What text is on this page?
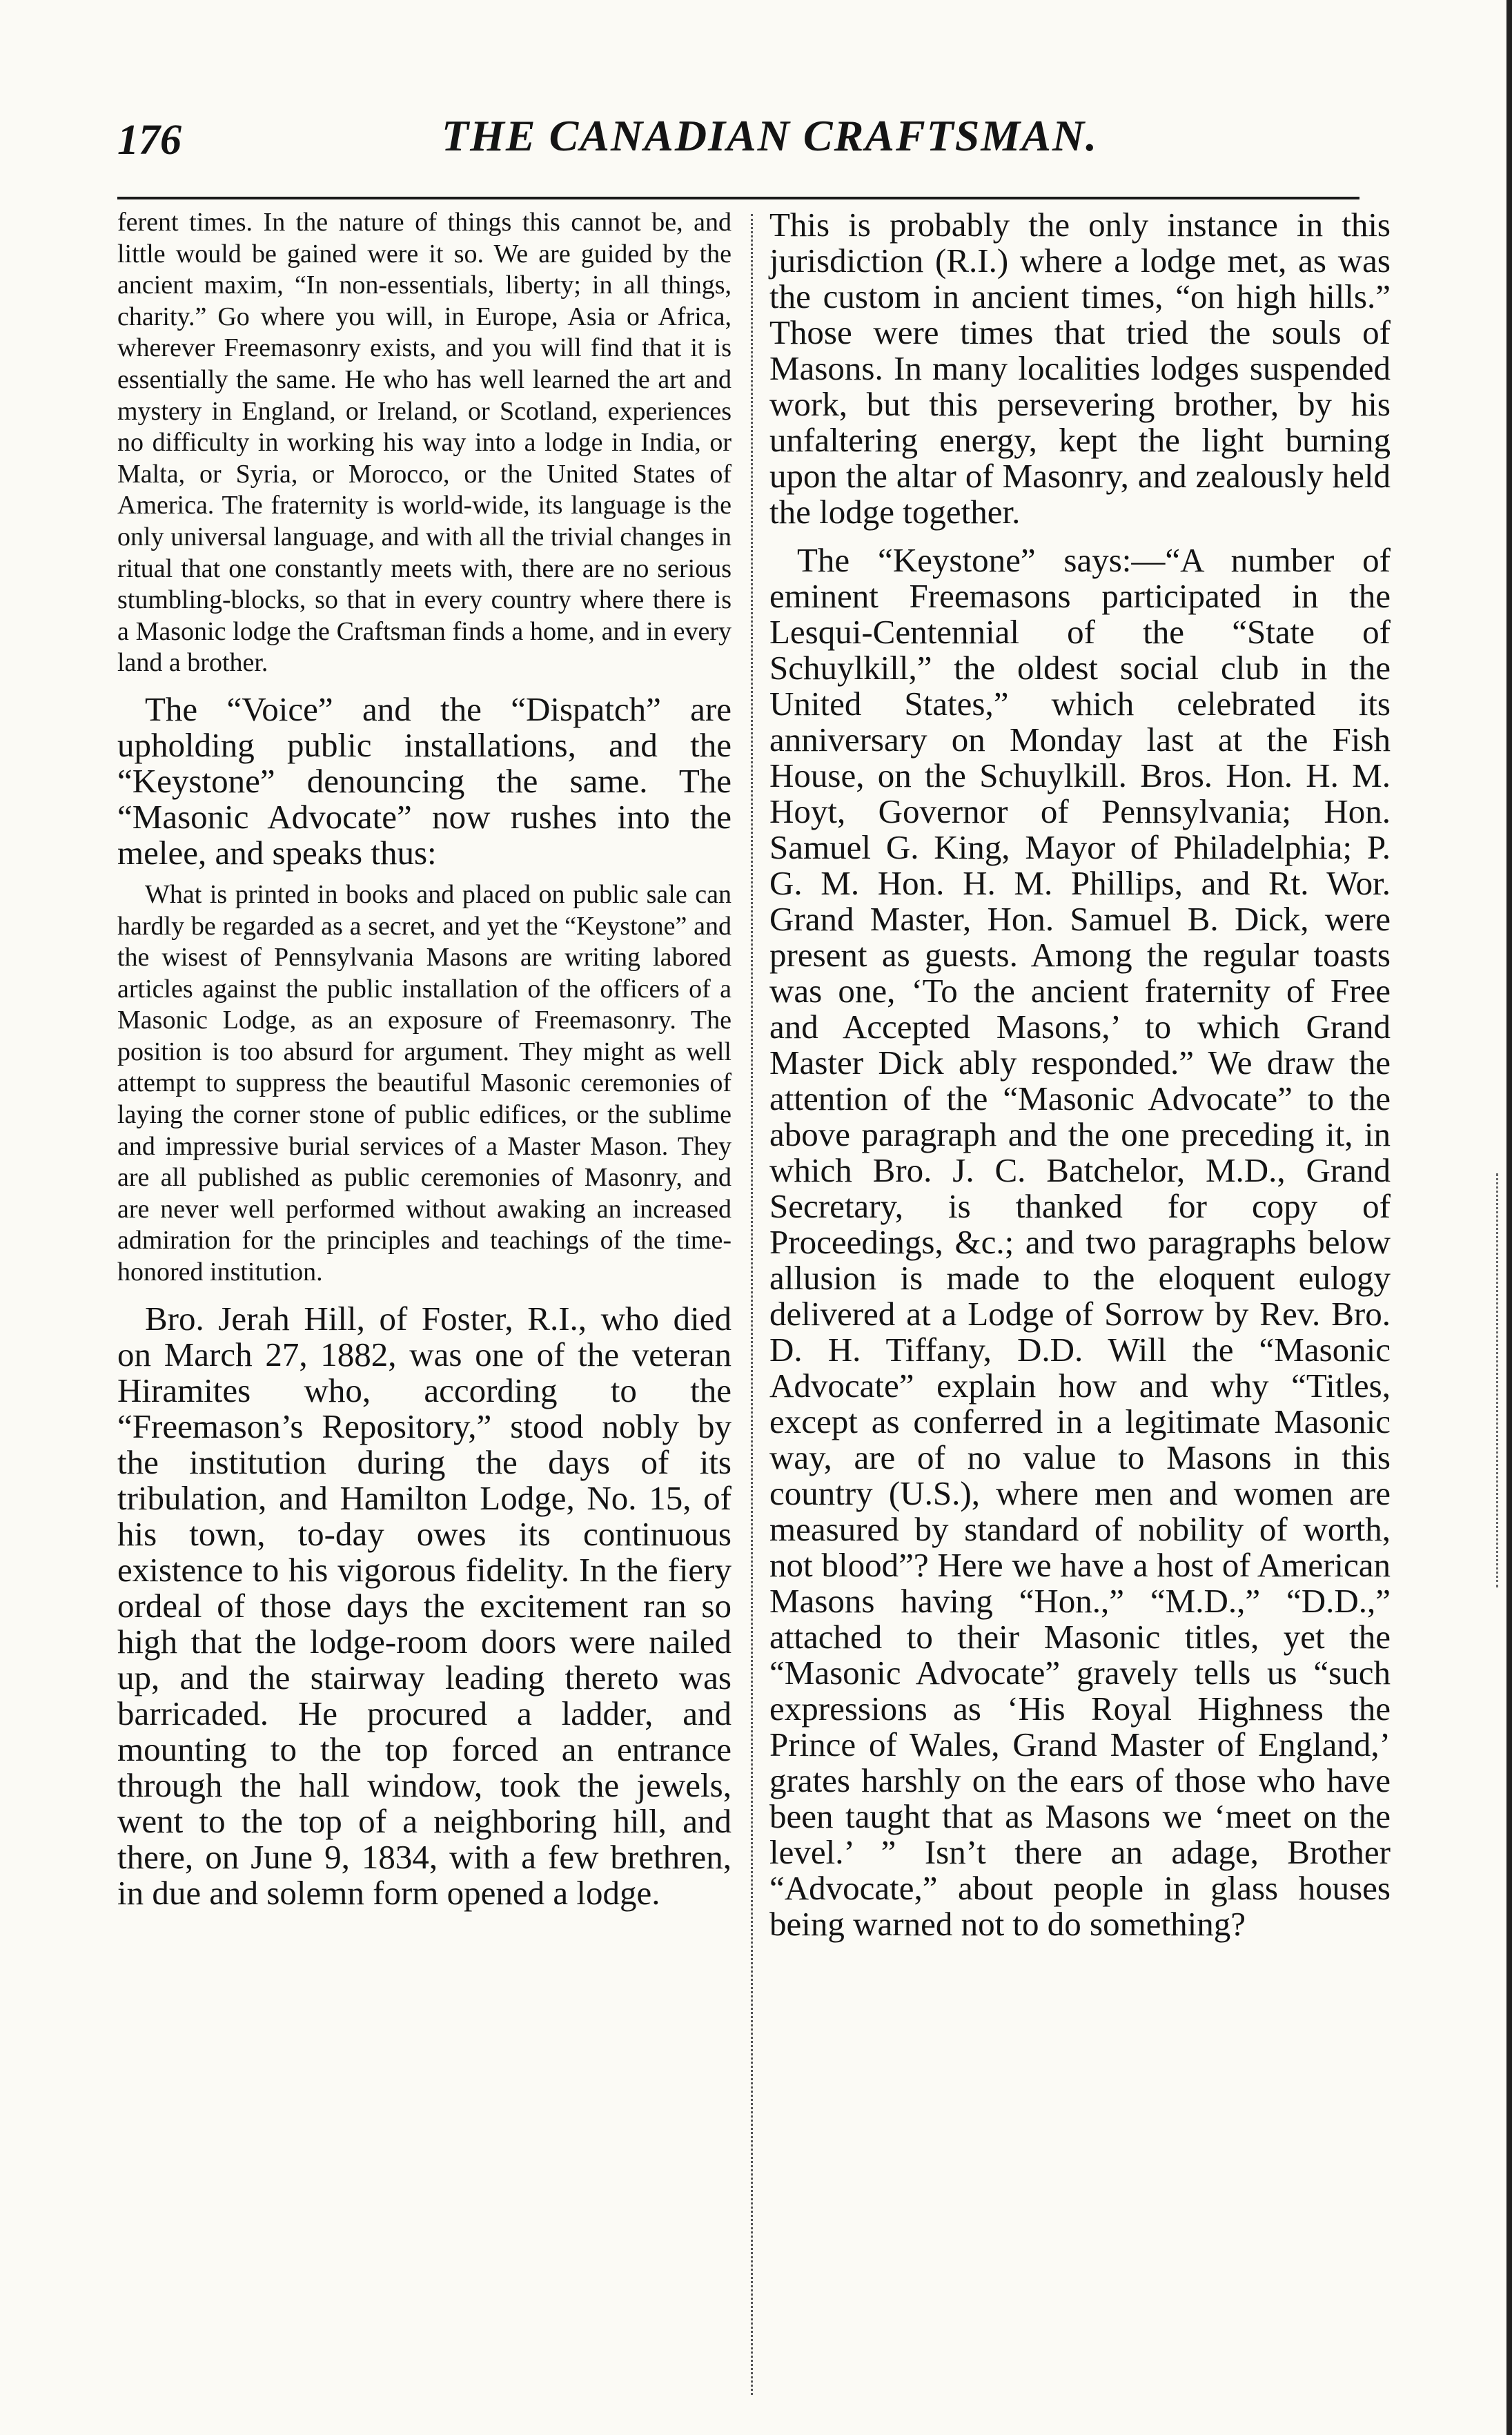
176	THE CANADIAN CRAFTSMAN.

ferent times. In the nature of things this cannot be, and little would be gained were it so. We are guided by the ancient maxim, “In non-essentials, liberty; in all things, charity.” Go where you will, in Europe, Asia or Africa, wherever Freemasonry exists, and you will find that it is essentially the same. He who has well learned the art and mystery in England, or Ireland, or Scotland, experiences no difficulty in working his way into a lodge in India, or Malta, or Syria, or Morocco, or the United States of America. The fraternity is world-wide, its language is the only universal language, and with all the trivial changes in ritual that one constantly meets with, there are no serious stumbling-blocks, so that in every country where there is a Masonic lodge the Craftsman finds a home, and in every land a brother.

The “Voice” and the “Dispatch” are upholding public installations, and the “Keystone” denouncing the same. The “Masonic Advocate” now rushes into the melee, and speaks thus:

What is printed in books and placed on public sale can hardly be regarded as a secret, and yet the “Keystone” and the wisest of Pennsylvania Masons are writing labored articles against the public installation of the officers of a Masonic Lodge, as an exposure of Freemasonry. The position is too absurd for argument. They might as well attempt to suppress the beautiful Masonic ceremonies of laying the corner stone of public edifices, or the sublime and impressive burial services of a Master Mason. They are all published as public ceremonies of Masonry, and are never well performed without awaking an increased admiration for the principles and teachings of the time-honored institution.

Bro. Jerah Hill, of Foster, R.I., who died on March 27, 1882, was one of the veteran Hiramites who, according to the “Freemason’s Repository,” stood nobly by the institution during the days of its tribulation, and Hamilton Lodge, No. 15, of his town, to-day owes its continuous existence to his vigorous fidelity. In the fiery ordeal of those days the excitement ran so high that the lodge-room doors were nailed up, and the stairway leading thereto was barricaded. He procured a ladder, and mounting to the top forced an entrance through the hall window, took the jewels, went to the top of a neighboring hill, and there, on June 9, 1834, with a few brethren, in due and solemn form opened a lodge.

This is probably the only instance in this jurisdiction (R.I.) where a lodge met, as was the custom in ancient times, “on high hills.” Those were times that tried the souls of Masons. In many localities lodges suspended work, but this persevering brother, by his unfaltering energy, kept the light burning upon the altar of Masonry, and zealously held the lodge together.

The “Keystone” says:—“A number of eminent Freemasons participated in the Lesqui-Centennial of the “State of Schuylkill,” the oldest social club in the United States,” which celebrated its anniversary on Monday last at the Fish House, on the Schuylkill. Bros. Hon. H. M. Hoyt, Governor of Pennsylvania; Hon. Samuel G. King, Mayor of Philadelphia; P. G. M. Hon. H. M. Phillips, and Rt. Wor. Grand Master, Hon. Samuel B. Dick, were present as guests. Among the regular toasts was one, ‘To the ancient fraternity of Free and Accepted Masons,’ to which Grand Master Dick ably responded.” We draw the attention of the “Masonic Advocate” to the above paragraph and the one preceding it, in which Bro. J. C. Batchelor, M.D., Grand Secretary, is thanked for copy of Proceedings, &c.; and two paragraphs below allusion is made to the eloquent eulogy delivered at a Lodge of Sorrow by Rev. Bro. D. H. Tiffany, D.D. Will the “Masonic Advocate” explain how and why “Titles, except as conferred in a legitimate Masonic way, are of no value to Masons in this country (U.S.), where men and women are measured by standard of nobility of worth, not blood”? Here we have a host of American Masons having “Hon.,” “M.D.,” “D.D.,” attached to their Masonic titles, yet the “Masonic Advocate” gravely tells us “such expressions as ‘His Royal Highness the Prince of Wales, Grand Master of England,’ grates harshly on the ears of those who have been taught that as Masons we ‘meet on the level.’ ” Isn’t there an adage, Brother “Advocate,” about people in glass houses being warned not to do something?
